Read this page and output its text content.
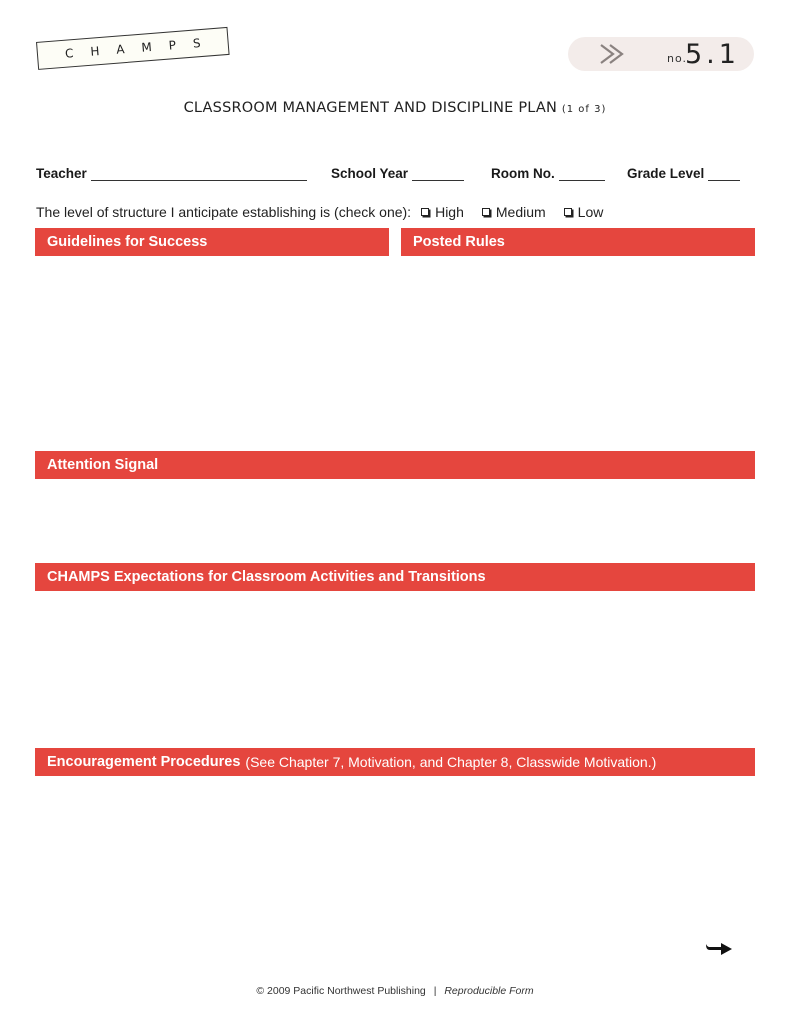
CHAMPS	no.
5.1
CLASSROOM MANAGEMENT AND DISCIPLINE PLAN (1 of 3)
Teacher	School Year	Room No.	Grade Level
The level of structure I anticipate establishing is (check one): High Medium Low
Guidelines for Success	Posted Rules
Attention Signal
CHAMPS Expectations for Classroom Activities and Transitions
Encouragement Procedures (See Chapter 7, Motivation, and Chapter 8, Classwide Motivation.)
© 2009 Pacific Northwest Publishing | Reproducible Form
